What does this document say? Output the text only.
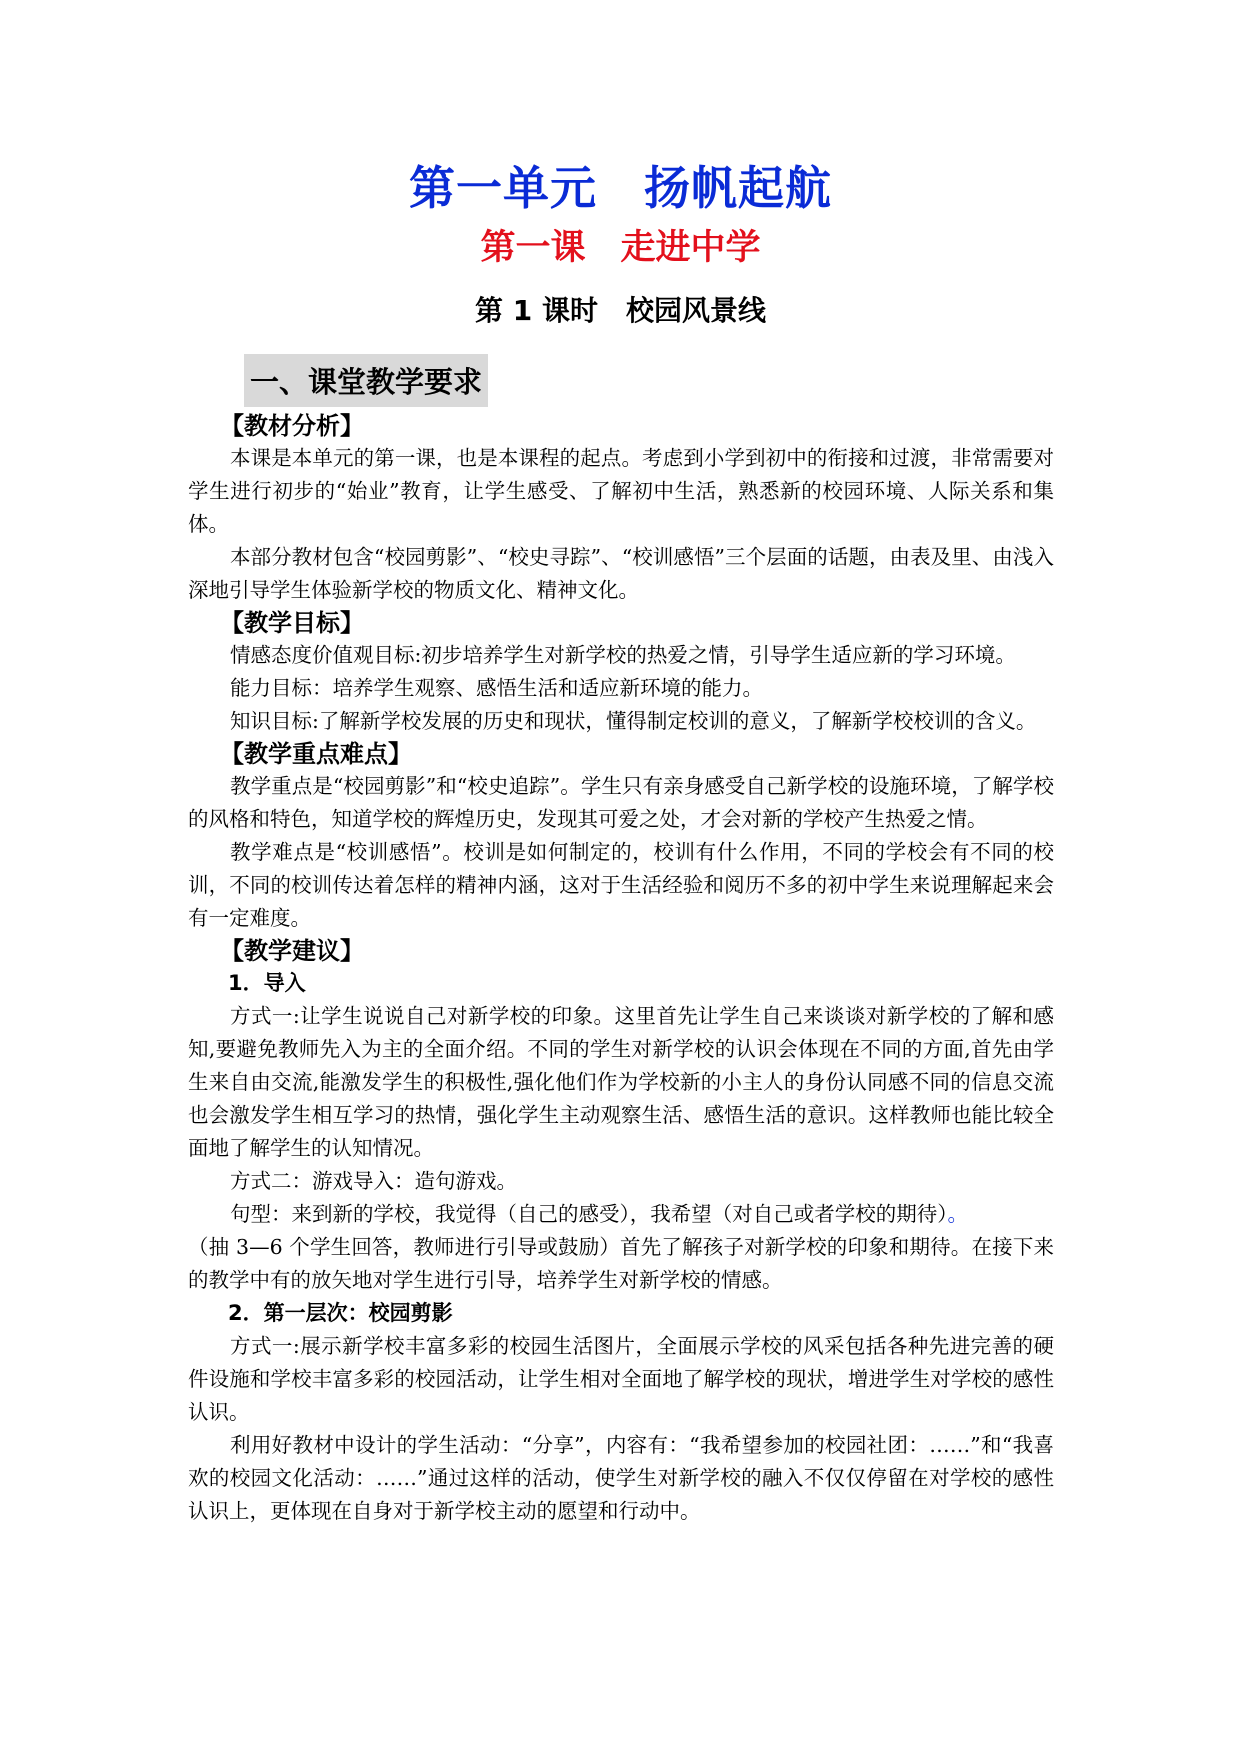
第一单元　扬帆起航
第一课　走进中学
第 1 课时　校园风景线
一、课堂教学要求
【教材分析】

本课是本单元的第一课，也是本课程的起点。考虑到小学到初中的衔接和过渡，非常需要对学生进行初步的“始业”教育，让学生感受、了解初中生活，熟悉新的校园环境、人际关系和集体。

本部分教材包含“校园剪影”、“校史寻踪”、“校训感悟”三个层面的话题，由表及里、由浅入深地引导学生体验新学校的物质文化、精神文化。

【教学目标】

情感态度价值观目标:初步培养学生对新学校的热爱之情，引导学生适应新的学习环境。

能力目标：培养学生观察、感悟生活和适应新环境的能力。

知识目标:了解新学校发展的历史和现状，懂得制定校训的意义，了解新学校校训的含义。

【教学重点难点】

教学重点是“校园剪影”和“校史追踪”。学生只有亲身感受自己新学校的设施环境，了解学校的风格和特色，知道学校的辉煌历史，发现其可爱之处，才会对新的学校产生热爱之情。

教学难点是“校训感悟”。校训是如何制定的，校训有什么作用，不同的学校会有不同的校训，不同的校训传达着怎样的精神内涵，这对于生活经验和阅历不多的初中学生来说理解起来会有一定难度。

【教学建议】
1．导入

方式一:让学生说说自己对新学校的印象。这里首先让学生自己来谈谈对新学校的了解和感知,要避免教师先入为主的全面介绍。不同的学生对新学校的认识会体现在不同的方面,首先由学生来自由交流,能激发学生的积极性,强化他们作为学校新的小主人的身份认同感不同的信息交流也会激发学生相互学习的热情，强化学生主动观察生活、感悟生活的意识。这样教师也能比较全面地了解学生的认知情况。

方式二：游戏导入：造句游戏。

句型：来到新的学校，我觉得（自己的感受），我希望（对自己或者学校的期待）。

（抽 3—6 个学生回答，教师进行引导或鼓励）首先了解孩子对新学校的印象和期待。在接下来的教学中有的放矢地对学生进行引导，培养学生对新学校的情感。

2．第一层次：校园剪影

方式一:展示新学校丰富多彩的校园生活图片，全面展示学校的风采包括各种先进完善的硬件设施和学校丰富多彩的校园活动，让学生相对全面地了解学校的现状，增进学生对学校的感性认识。

利用好教材中设计的学生活动：“分享”，内容有：“我希望参加的校园社团：……”和“我喜欢的校园文化活动：……”通过这样的活动，使学生对新学校的融入不仅仅停留在对学校的感性认识上，更体现在自身对于新学校主动的愿望和行动中。
